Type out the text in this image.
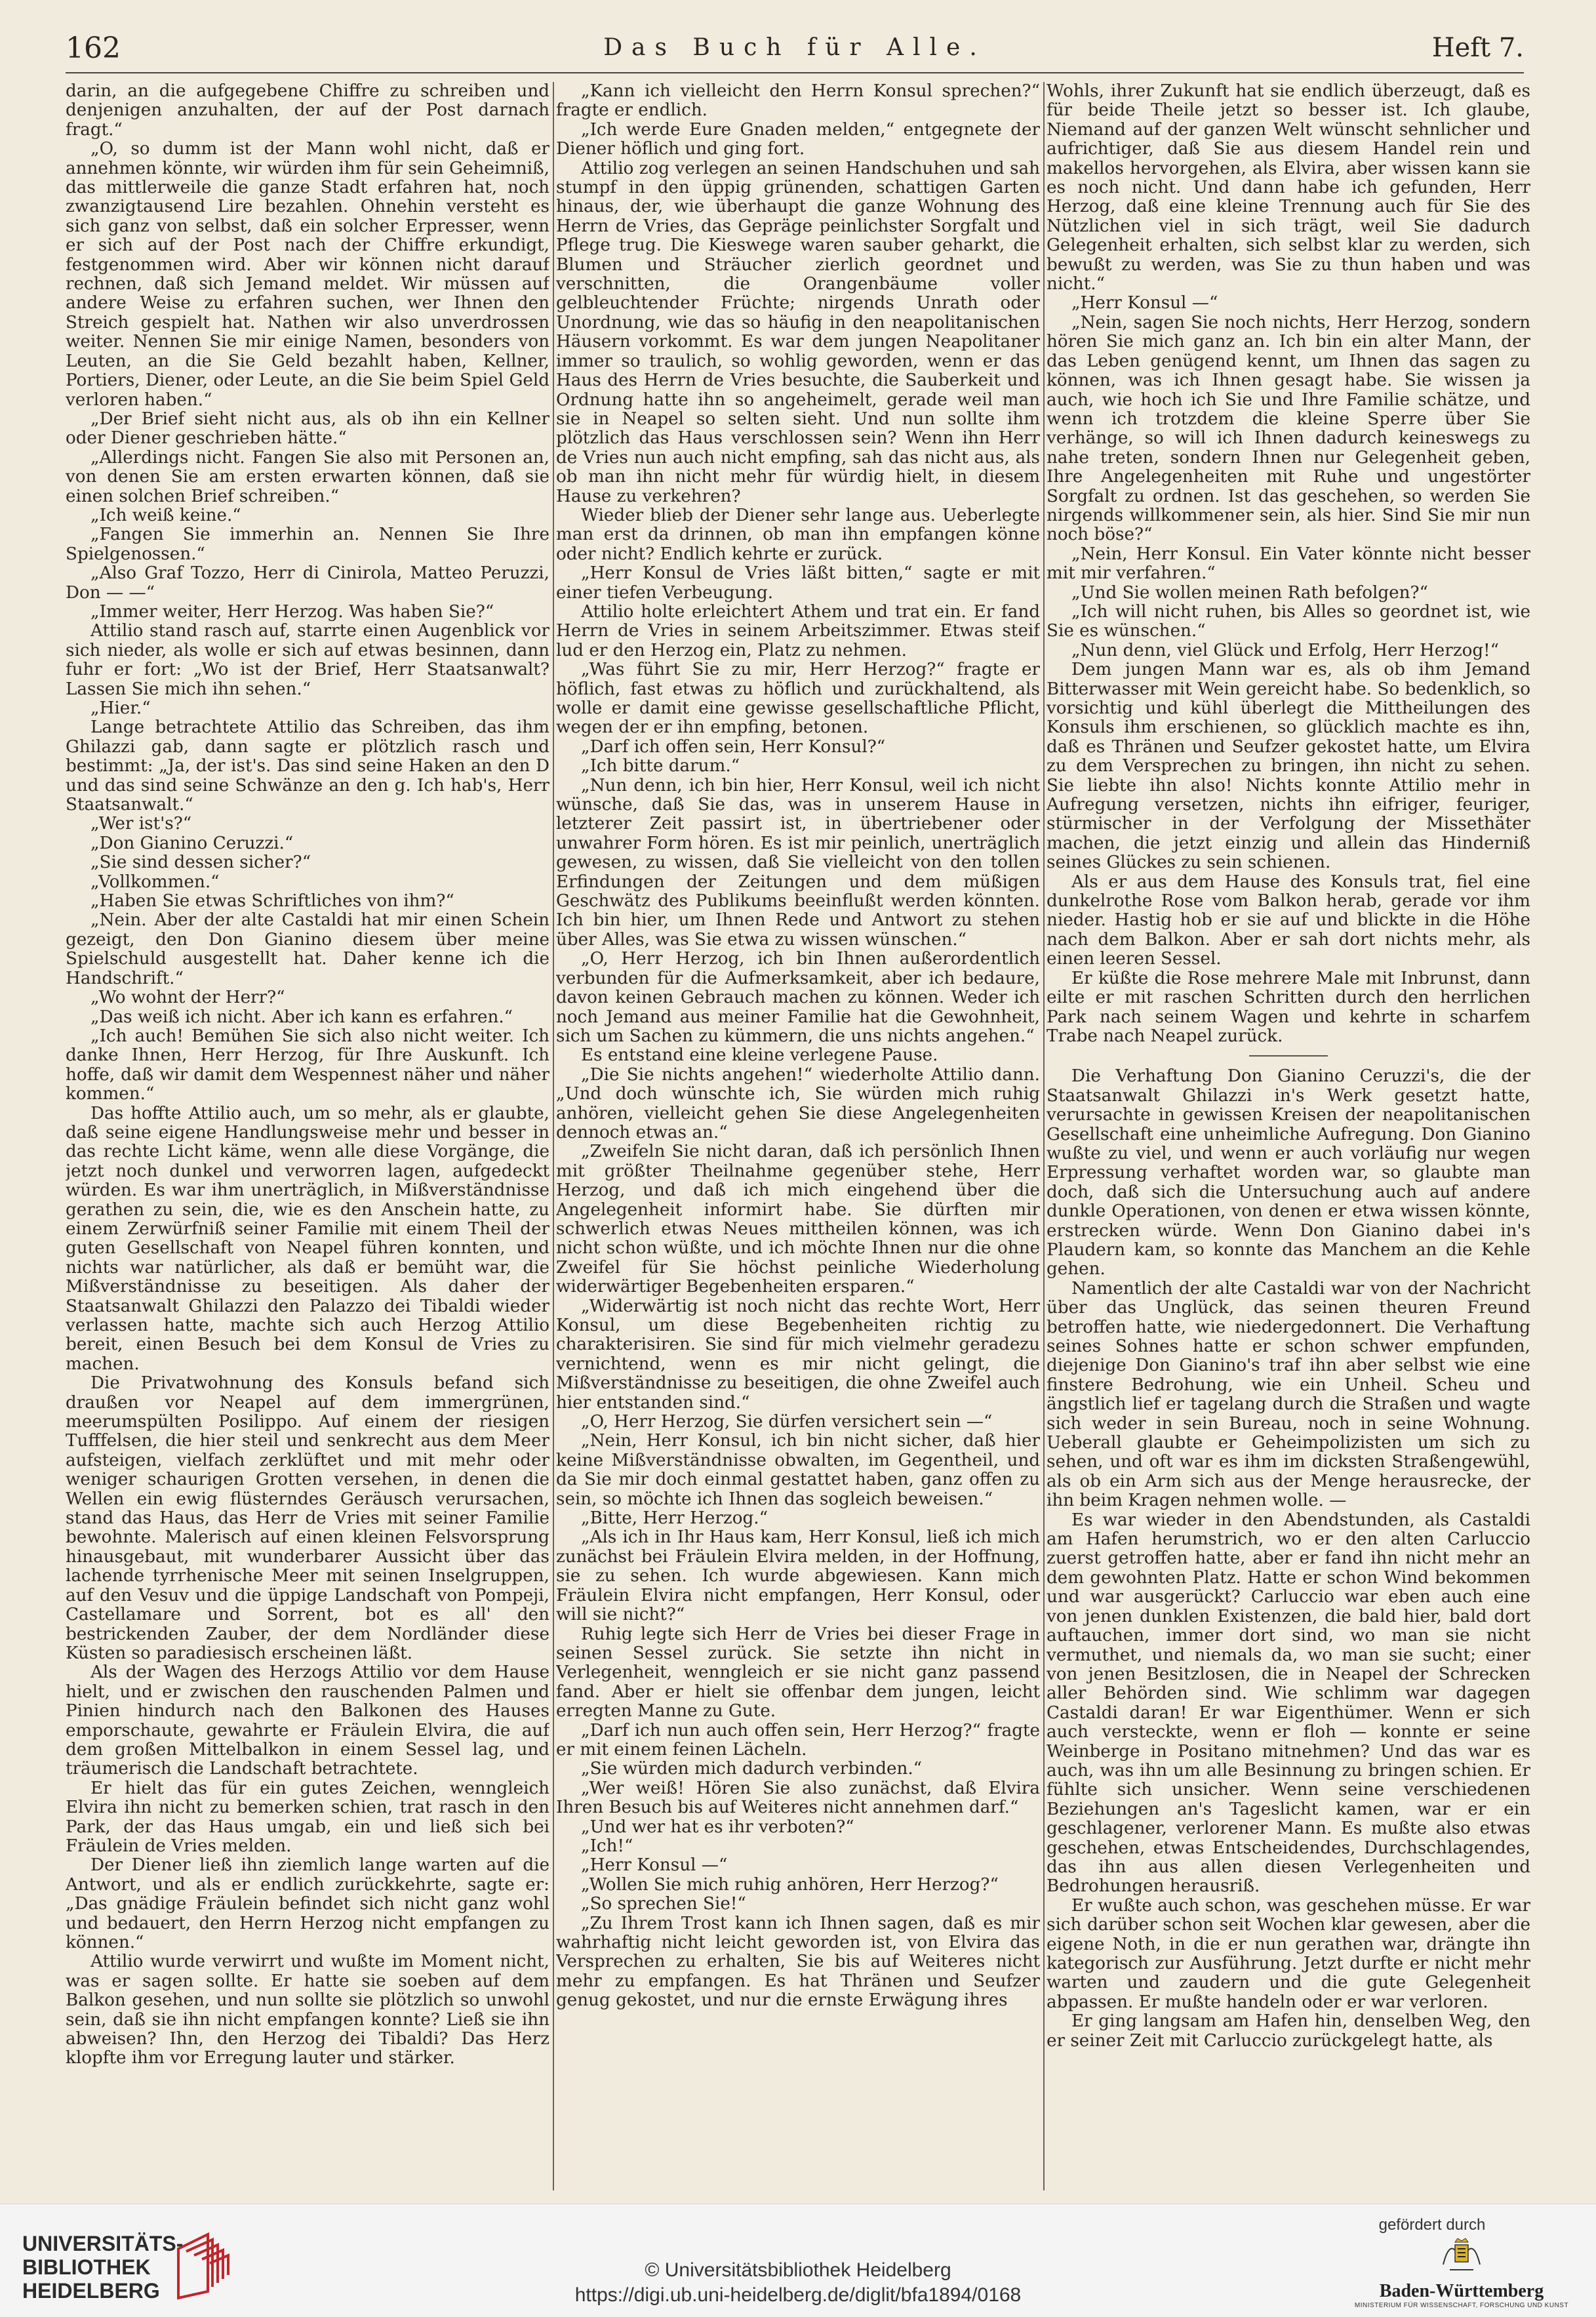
162	Das Buch für Alle.	Heft 7.

darin, an die aufgegebene Chiffre zu schreiben und denjenigen anzuhalten, der auf der Post darnach fragt.“

„O, so dumm ist der Mann wohl nicht, daß er annehmen könnte, wir würden ihm für sein Geheimniß, das mittlerweile die ganze Stadt erfahren hat, noch zwanzigtausend Lire bezahlen. Ohnehin versteht es sich ganz von selbst, daß ein solcher Erpresser, wenn er sich auf der Post nach der Chiffre erkundigt, festgenommen wird. Aber wir können nicht darauf rechnen, daß sich Jemand meldet. Wir müssen auf andere Weise zu erfahren suchen, wer Ihnen den Streich gespielt hat. Nathen wir also unverdrossen weiter. Nennen Sie mir einige Namen, besonders von Leuten, an die Sie Geld bezahlt haben, Kellner, Portiers, Diener, oder Leute, an die Sie beim Spiel Geld verloren haben.“

„Der Brief sieht nicht aus, als ob ihn ein Kellner oder Diener geschrieben hätte.“

„Allerdings nicht. Fangen Sie also mit Personen an, von denen Sie am ersten erwarten können, daß sie einen solchen Brief schreiben.“

„Ich weiß keine.“

„Fangen Sie immerhin an. Nennen Sie Ihre Spielgenossen.“

„Also Graf Tozzo, Herr di Cinirola, Matteo Peruzzi, Don — —“

„Immer weiter, Herr Herzog. Was haben Sie?“

Attilio stand rasch auf, starrte einen Augenblick vor sich nieder, als wolle er sich auf etwas besinnen, dann fuhr er fort: „Wo ist der Brief, Herr Staatsanwalt? Lassen Sie mich ihn sehen.“

„Hier.“

Lange betrachtete Attilio das Schreiben, das ihm Ghilazzi gab, dann sagte er plötzlich rasch und bestimmt: „Ja, der ist's. Das sind seine Haken an den D und das sind seine Schwänze an den g. Ich hab's, Herr Staatsanwalt.“

„Wer ist's?“

„Don Gianino Ceruzzi.“

„Sie sind dessen sicher?“

„Vollkommen.“

„Haben Sie etwas Schriftliches von ihm?“

„Nein. Aber der alte Castaldi hat mir einen Schein gezeigt, den Don Gianino diesem über meine Spielschuld ausgestellt hat. Daher kenne ich die Handschrift.“

„Wo wohnt der Herr?“

„Das weiß ich nicht. Aber ich kann es erfahren.“

„Ich auch! Bemühen Sie sich also nicht weiter. Ich danke Ihnen, Herr Herzog, für Ihre Auskunft. Ich hoffe, daß wir damit dem Wespennest näher und näher kommen.“

Das hoffte Attilio auch, um so mehr, als er glaubte, daß seine eigene Handlungsweise mehr und besser in das rechte Licht käme, wenn alle diese Vorgänge, die jetzt noch dunkel und verworren lagen, aufgedeckt würden. Es war ihm unerträglich, in Mißverständnisse gerathen zu sein, die, wie es den Anschein hatte, zu einem Zerwürfniß seiner Familie mit einem Theil der guten Gesellschaft von Neapel führen konnten, und nichts war natürlicher, als daß er bemüht war, die Mißverständnisse zu beseitigen. Als daher der Staatsanwalt Ghilazzi den Palazzo dei Tibaldi wieder verlassen hatte, machte sich auch Herzog Attilio bereit, einen Besuch bei dem Konsul de Vries zu machen.

Die Privatwohnung des Konsuls befand sich draußen vor Neapel auf dem immergrünen, meerumspülten Posilippo. Auf einem der riesigen Tufffelsen, die hier steil und senkrecht aus dem Meer aufsteigen, vielfach zerklüftet und mit mehr oder weniger schaurigen Grotten versehen, in denen die Wellen ein ewig flüsterndes Geräusch verursachen, stand das Haus, das Herr de Vries mit seiner Familie bewohnte. Malerisch auf einen kleinen Felsvorsprung hinausgebaut, mit wunderbarer Aussicht über das lachende tyrrhenische Meer mit seinen Inselgruppen, auf den Vesuv und die üppige Landschaft von Pompeji, Castellamare und Sorrent, bot es all' den bestrickenden Zauber, der dem Nordländer diese Küsten so paradiesisch erscheinen läßt.

Als der Wagen des Herzogs Attilio vor dem Hause hielt, und er zwischen den rauschenden Palmen und Pinien hindurch nach den Balkonen des Hauses emporschaute, gewahrte er Fräulein Elvira, die auf dem großen Mittelbalkon in einem Sessel lag, und träumerisch die Landschaft betrachtete.

Er hielt das für ein gutes Zeichen, wenngleich Elvira ihn nicht zu bemerken schien, trat rasch in den Park, der das Haus umgab, ein und ließ sich bei Fräulein de Vries melden.

Der Diener ließ ihn ziemlich lange warten auf die Antwort, und als er endlich zurückkehrte, sagte er: „Das gnädige Fräulein befindet sich nicht ganz wohl und bedauert, den Herrn Herzog nicht empfangen zu können.“

Attilio wurde verwirrt und wußte im Moment nicht, was er sagen sollte. Er hatte sie soeben auf dem Balkon gesehen, und nun sollte sie plötzlich so unwohl sein, daß sie ihn nicht empfangen konnte? Ließ sie ihn abweisen? Ihn, den Herzog dei Tibaldi? Das Herz klopfte ihm vor Erregung lauter und stärker.

„Kann ich vielleicht den Herrn Konsul sprechen?“ fragte er endlich.

„Ich werde Eure Gnaden melden,“ entgegnete der Diener höflich und ging fort.

Attilio zog verlegen an seinen Handschuhen und sah stumpf in den üppig grünenden, schattigen Garten hinaus, der, wie überhaupt die ganze Wohnung des Herrn de Vries, das Gepräge peinlichster Sorgfalt und Pflege trug. Die Kieswege waren sauber geharkt, die Blumen und Sträucher zierlich geordnet und verschnitten, die Orangenbäume voller gelbleuchtender Früchte; nirgends Unrath oder Unordnung, wie das so häufig in den neapolitanischen Häusern vorkommt. Es war dem jungen Neapolitaner immer so traulich, so wohlig geworden, wenn er das Haus des Herrn de Vries besuchte, die Sauberkeit und Ordnung hatte ihn so angeheimelt, gerade weil man sie in Neapel so selten sieht. Und nun sollte ihm plötzlich das Haus verschlossen sein? Wenn ihn Herr de Vries nun auch nicht empfing, sah das nicht aus, als ob man ihn nicht mehr für würdig hielt, in diesem Hause zu verkehren?

Wieder blieb der Diener sehr lange aus. Ueberlegte man erst da drinnen, ob man ihn empfangen könne oder nicht? Endlich kehrte er zurück.

„Herr Konsul de Vries läßt bitten,“ sagte er mit einer tiefen Verbeugung.

Attilio holte erleichtert Athem und trat ein. Er fand Herrn de Vries in seinem Arbeitszimmer. Etwas steif lud er den Herzog ein, Platz zu nehmen.

„Was führt Sie zu mir, Herr Herzog?“ fragte er höflich, fast etwas zu höflich und zurückhaltend, als wolle er damit eine gewisse gesellschaftliche Pflicht, wegen der er ihn empfing, betonen.

„Darf ich offen sein, Herr Konsul?“

„Ich bitte darum.“

„Nun denn, ich bin hier, Herr Konsul, weil ich nicht wünsche, daß Sie das, was in unserem Hause in letzterer Zeit passirt ist, in übertriebener oder unwahrer Form hören. Es ist mir peinlich, unerträglich gewesen, zu wissen, daß Sie vielleicht von den tollen Erfindungen der Zeitungen und dem müßigen Geschwätz des Publikums beeinflußt werden könnten. Ich bin hier, um Ihnen Rede und Antwort zu stehen über Alles, was Sie etwa zu wissen wünschen.“

„O, Herr Herzog, ich bin Ihnen außerordentlich verbunden für die Aufmerksamkeit, aber ich bedaure, davon keinen Gebrauch machen zu können. Weder ich noch Jemand aus meiner Familie hat die Gewohnheit, sich um Sachen zu kümmern, die uns nichts angehen.“

Es entstand eine kleine verlegene Pause.

„Die Sie nichts angehen!“ wiederholte Attilio dann. „Und doch wünschte ich, Sie würden mich ruhig anhören, vielleicht gehen Sie diese Angelegenheiten dennoch etwas an.“

„Zweifeln Sie nicht daran, daß ich persönlich Ihnen mit größter Theilnahme gegenüber stehe, Herr Herzog, und daß ich mich eingehend über die Angelegenheit informirt habe. Sie dürften mir schwerlich etwas Neues mittheilen können, was ich nicht schon wüßte, und ich möchte Ihnen nur die ohne Zweifel für Sie höchst peinliche Wiederholung widerwärtiger Begebenheiten ersparen.“

„Widerwärtig ist noch nicht das rechte Wort, Herr Konsul, um diese Begebenheiten richtig zu charakterisiren. Sie sind für mich vielmehr geradezu vernichtend, wenn es mir nicht gelingt, die Mißverständnisse zu beseitigen, die ohne Zweifel auch hier entstanden sind.“

„O, Herr Herzog, Sie dürfen versichert sein —“

„Nein, Herr Konsul, ich bin nicht sicher, daß hier keine Mißverständnisse obwalten, im Gegentheil, und da Sie mir doch einmal gestattet haben, ganz offen zu sein, so möchte ich Ihnen das sogleich beweisen.“

„Bitte, Herr Herzog.“

„Als ich in Ihr Haus kam, Herr Konsul, ließ ich mich zunächst bei Fräulein Elvira melden, in der Hoffnung, sie zu sehen. Ich wurde abgewiesen. Kann mich Fräulein Elvira nicht empfangen, Herr Konsul, oder will sie nicht?“

Ruhig legte sich Herr de Vries bei dieser Frage in seinen Sessel zurück. Sie setzte ihn nicht in Verlegenheit, wenngleich er sie nicht ganz passend fand. Aber er hielt sie offenbar dem jungen, leicht erregten Manne zu Gute.

„Darf ich nun auch offen sein, Herr Herzog?“ fragte er mit einem feinen Lächeln.

„Sie würden mich dadurch verbinden.“

„Wer weiß! Hören Sie also zunächst, daß Elvira Ihren Besuch bis auf Weiteres nicht annehmen darf.“

„Und wer hat es ihr verboten?“

„Ich!“

„Herr Konsul —“

„Wollen Sie mich ruhig anhören, Herr Herzog?“

„So sprechen Sie!“

„Zu Ihrem Trost kann ich Ihnen sagen, daß es mir wahrhaftig nicht leicht geworden ist, von Elvira das Versprechen zu erhalten, Sie bis auf Weiteres nicht mehr zu empfangen. Es hat Thränen und Seufzer genug gekostet, und nur die ernste Erwägung ihres

Wohls, ihrer Zukunft hat sie endlich überzeugt, daß es für beide Theile jetzt so besser ist. Ich glaube, Niemand auf der ganzen Welt wünscht sehnlicher und aufrichtiger, daß Sie aus diesem Handel rein und makellos hervorgehen, als Elvira, aber wissen kann sie es noch nicht. Und dann habe ich gefunden, Herr Herzog, daß eine kleine Trennung auch für Sie des Nützlichen viel in sich trägt, weil Sie dadurch Gelegenheit erhalten, sich selbst klar zu werden, sich bewußt zu werden, was Sie zu thun haben und was nicht.“

„Herr Konsul —“

„Nein, sagen Sie noch nichts, Herr Herzog, sondern hören Sie mich ganz an. Ich bin ein alter Mann, der das Leben genügend kennt, um Ihnen das sagen zu können, was ich Ihnen gesagt habe. Sie wissen ja auch, wie hoch ich Sie und Ihre Familie schätze, und wenn ich trotzdem die kleine Sperre über Sie verhänge, so will ich Ihnen dadurch keineswegs zu nahe treten, sondern Ihnen nur Gelegenheit geben, Ihre Angelegenheiten mit Ruhe und ungestörter Sorgfalt zu ordnen. Ist das geschehen, so werden Sie nirgends willkommener sein, als hier. Sind Sie mir nun noch böse?“

„Nein, Herr Konsul. Ein Vater könnte nicht besser mit mir verfahren.“

„Und Sie wollen meinen Rath befolgen?“

„Ich will nicht ruhen, bis Alles so geordnet ist, wie Sie es wünschen.“

„Nun denn, viel Glück und Erfolg, Herr Herzog!“

Dem jungen Mann war es, als ob ihm Jemand Bitterwasser mit Wein gereicht habe. So bedenklich, so vorsichtig und kühl überlegt die Mittheilungen des Konsuls ihm erschienen, so glücklich machte es ihn, daß es Thränen und Seufzer gekostet hatte, um Elvira zu dem Versprechen zu bringen, ihn nicht zu sehen. Sie liebte ihn also! Nichts konnte Attilio mehr in Aufregung versetzen, nichts ihn eifriger, feuriger, stürmischer in der Verfolgung der Missethäter machen, die jetzt einzig und allein das Hinderniß seines Glückes zu sein schienen.

Als er aus dem Hause des Konsuls trat, fiel eine dunkelrothe Rose vom Balkon herab, gerade vor ihm nieder. Hastig hob er sie auf und blickte in die Höhe nach dem Balkon. Aber er sah dort nichts mehr, als einen leeren Sessel.

Er küßte die Rose mehrere Male mit Inbrunst, dann eilte er mit raschen Schritten durch den herrlichen Park nach seinem Wagen und kehrte in scharfem Trabe nach Neapel zurück.

Die Verhaftung Don Gianino Ceruzzi's, die der Staatsanwalt Ghilazzi in's Werk gesetzt hatte, verursachte in gewissen Kreisen der neapolitanischen Gesellschaft eine unheimliche Aufregung. Don Gianino wußte zu viel, und wenn er auch vorläufig nur wegen Erpressung verhaftet worden war, so glaubte man doch, daß sich die Untersuchung auch auf andere dunkle Operationen, von denen er etwa wissen könnte, erstrecken würde. Wenn Don Gianino dabei in's Plaudern kam, so konnte das Manchem an die Kehle gehen.

Namentlich der alte Castaldi war von der Nachricht über das Unglück, das seinen theuren Freund betroffen hatte, wie niedergedonnert. Die Verhaftung seines Sohnes hatte er schon schwer empfunden, diejenige Don Gianino's traf ihn aber selbst wie eine finstere Bedrohung, wie ein Unheil. Scheu und ängstlich lief er tagelang durch die Straßen und wagte sich weder in sein Bureau, noch in seine Wohnung. Ueberall glaubte er Geheimpolizisten um sich zu sehen, und oft war es ihm im dicksten Straßengewühl, als ob ein Arm sich aus der Menge herausrecke, der ihn beim Kragen nehmen wolle. —

Es war wieder in den Abendstunden, als Castaldi am Hafen herumstrich, wo er den alten Carluccio zuerst getroffen hatte, aber er fand ihn nicht mehr an dem gewohnten Platz. Hatte er schon Wind bekommen und war ausgerückt? Carluccio war eben auch eine von jenen dunklen Existenzen, die bald hier, bald dort auftauchen, immer dort sind, wo man sie nicht vermuthet, und niemals da, wo man sie sucht; einer von jenen Besitzlosen, die in Neapel der Schrecken aller Behörden sind. Wie schlimm war dagegen Castaldi daran! Er war Eigenthümer. Wenn er sich auch versteckte, wenn er floh — konnte er seine Weinberge in Positano mitnehmen? Und das war es auch, was ihn um alle Besinnung zu bringen schien. Er fühlte sich unsicher. Wenn seine verschiedenen Beziehungen an's Tageslicht kamen, war er ein geschlagener, verlorener Mann. Es mußte also etwas geschehen, etwas Entscheidendes, Durchschlagendes, das ihn aus allen diesen Verlegenheiten und Bedrohungen herausriß.

Er wußte auch schon, was geschehen müsse. Er war sich darüber schon seit Wochen klar gewesen, aber die eigene Noth, in die er nun gerathen war, drängte ihn kategorisch zur Ausführung. Jetzt durfte er nicht mehr warten und zaudern und die gute Gelegenheit abpassen. Er mußte handeln oder er war verloren.

Er ging langsam am Hafen hin, denselben Weg, den er seiner Zeit mit Carluccio zurückgelegt hatte, als

UNIVERSITÄTS-
BIBLIOTHEK
HEIDELBERG
© Universitätsbibliothek Heidelberg
https://digi.ub.uni-heidelberg.de/diglit/bfa1894/0168
gefördert durch
Baden-Württemberg
MINISTERIUM FÜR WISSENSCHAFT, FORSCHUNG UND KUNST
